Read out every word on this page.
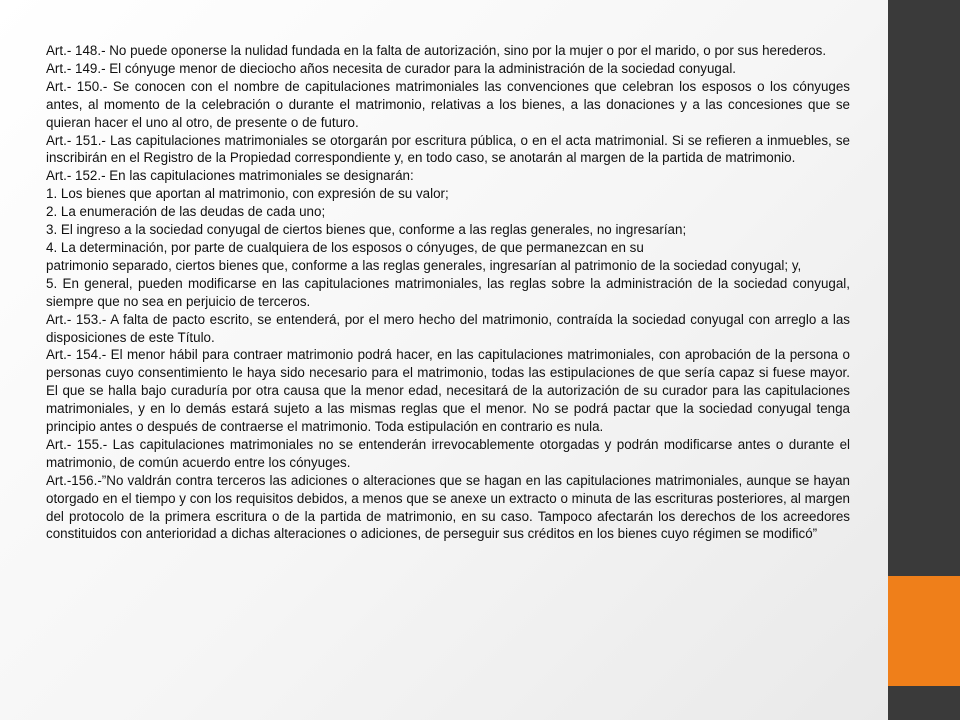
Art.- 148.- No puede oponerse la nulidad fundada en la falta de autorización, sino por la mujer o por el marido, o por sus herederos.

Art.- 149.- El cónyuge menor de dieciocho años necesita de curador para la administración de la sociedad conyugal.

Art.- 150.- Se conocen con el nombre de capitulaciones matrimoniales las convenciones que celebran los esposos o los cónyuges antes, al momento de la celebración o durante el matrimonio, relativas a los bienes, a las donaciones y a las concesiones que se quieran hacer el uno al otro, de presente o de futuro.

Art.- 151.- Las capitulaciones matrimoniales se otorgarán por escritura pública, o en el acta matrimonial. Si se refieren a inmuebles, se inscribirán en el Registro de la Propiedad correspondiente y, en todo caso, se anotarán al margen de la partida de matrimonio.

Art.- 152.- En las capitulaciones matrimoniales se designarán:

1. Los bienes que aportan al matrimonio, con expresión de su valor;

2. La enumeración de las deudas de cada uno;

3. El ingreso a la sociedad conyugal de ciertos bienes que, conforme a las reglas generales, no ingresarían;

4. La determinación, por parte de cualquiera de los esposos o cónyuges, de que permanezcan en su

patrimonio separado, ciertos bienes que, conforme a las reglas generales, ingresarían al patrimonio de la sociedad conyugal; y,

5. En general, pueden modificarse en las capitulaciones matrimoniales, las reglas sobre la administración de la sociedad conyugal, siempre que no sea en perjuicio de terceros.

Art.- 153.- A falta de pacto escrito, se entenderá, por el mero hecho del matrimonio, contraída la sociedad conyugal con arreglo a las disposiciones de este Título.

Art.- 154.- El menor hábil para contraer matrimonio podrá hacer, en las capitulaciones matrimoniales, con aprobación de la persona o personas cuyo consentimiento le haya sido necesario para el matrimonio, todas las estipulaciones de que sería capaz si fuese mayor. El que se halla bajo curaduría por otra causa que la menor edad, necesitará de la autorización de su curador para las capitulaciones matrimoniales, y en lo demás estará sujeto a las mismas reglas que el menor. No se podrá pactar que la sociedad conyugal tenga principio antes o después de contraerse el matrimonio. Toda estipulación en contrario es nula.

Art.- 155.- Las capitulaciones matrimoniales no se entenderán irrevocablemente otorgadas y podrán modificarse antes o durante el matrimonio, de común acuerdo entre los cónyuges.

Art.-156.-”No valdrán contra terceros las adiciones o alteraciones que se hagan en las capitulaciones matrimoniales, aunque se hayan otorgado en el tiempo y con los requisitos debidos, a menos que se anexe un extracto o minuta de las escrituras posteriores, al margen del protocolo de la primera escritura o de la partida de matrimonio, en su caso. Tampoco afectarán los derechos de los acreedores constituidos con anterioridad a dichas alteraciones o adiciones, de perseguir sus créditos en los bienes cuyo régimen se modificó”
